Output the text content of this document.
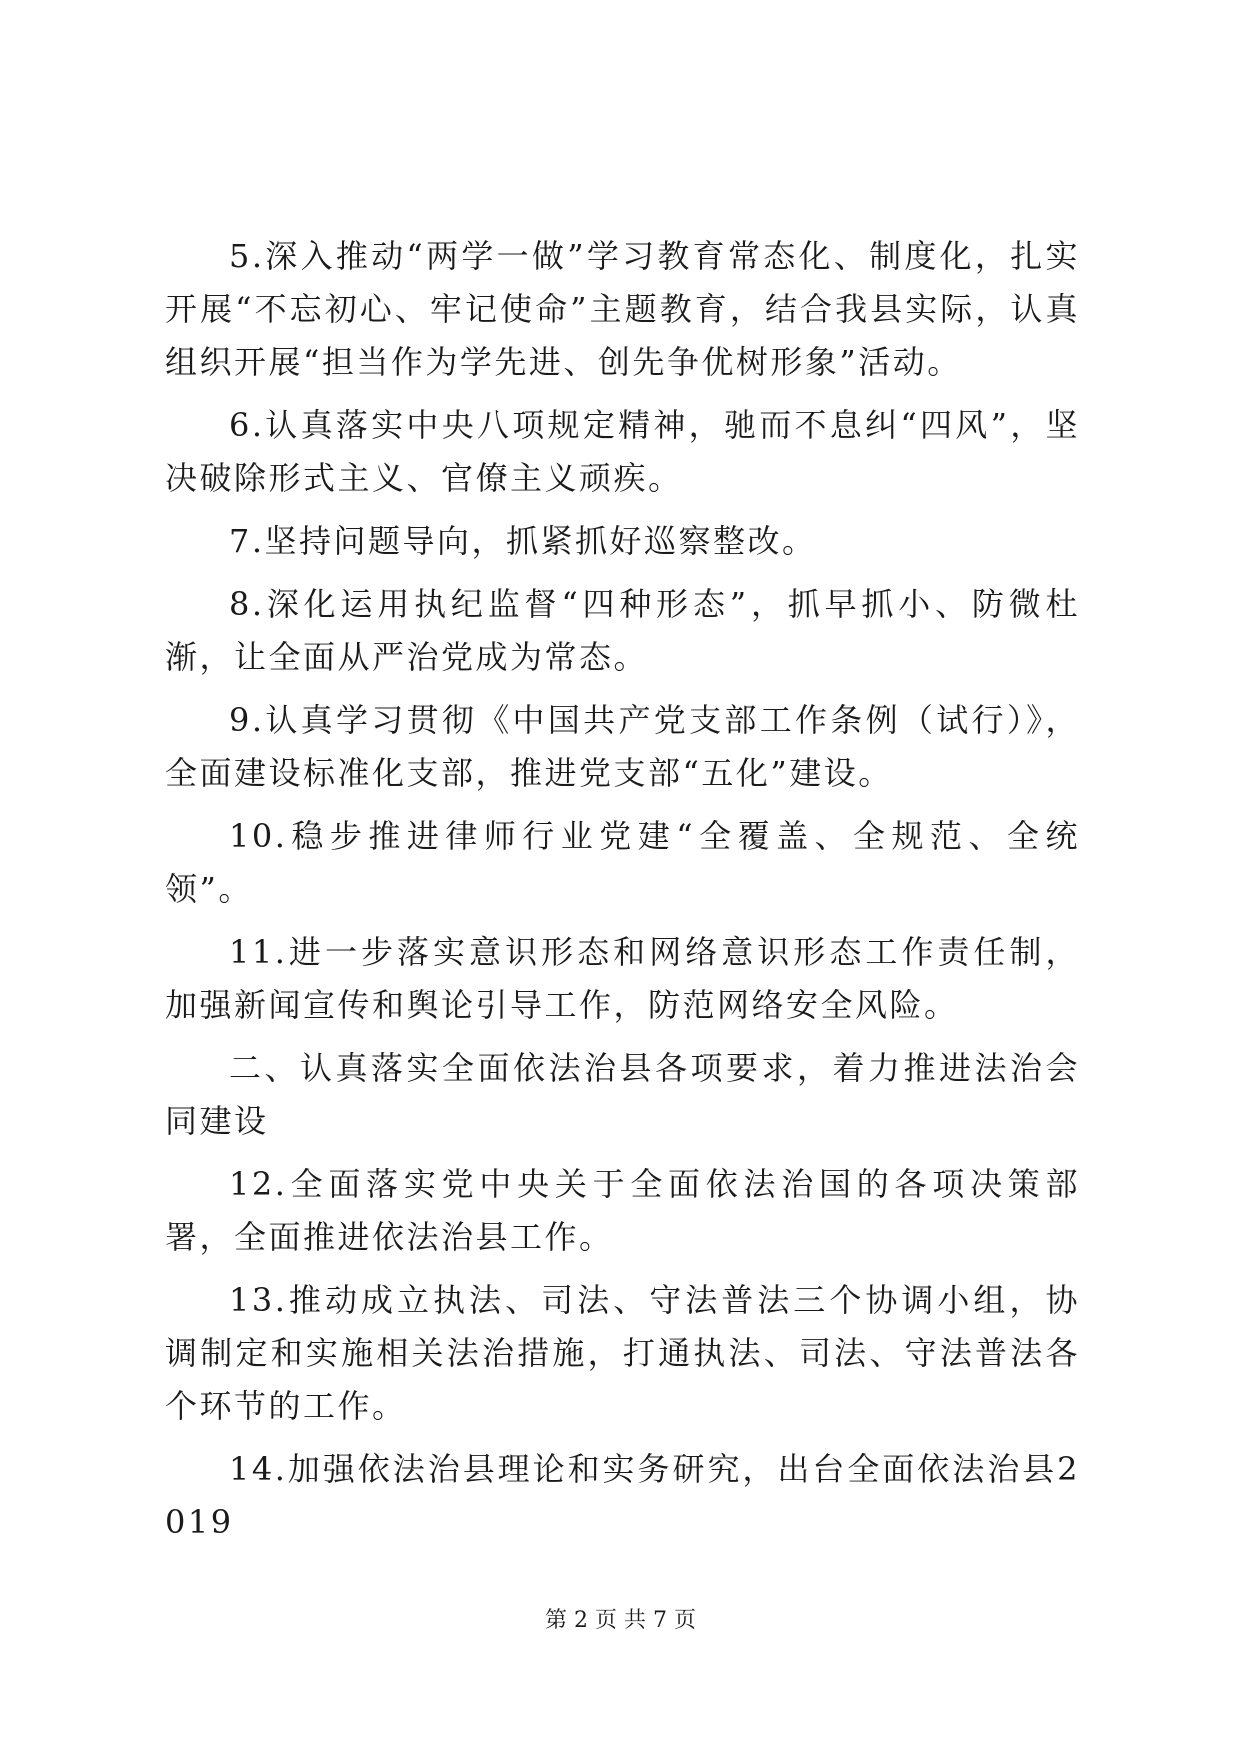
5.深入推动“两学一做”学习教育常态化、制度化，扎实开展“不忘初心、牢记使命”主题教育，结合我县实际，认真组织开展“担当作为学先进、创先争优树形象”活动。

6.认真落实中央八项规定精神，驰而不息纠“四风”，坚决破除形式主义、官僚主义顽疾。

7.坚持问题导向，抓紧抓好巡察整改。

8.深化运用执纪监督“四种形态”，抓早抓小、防微杜渐，让全面从严治党成为常态。

9.认真学习贯彻《中国共产党支部工作条例（试行）》，全面建设标准化支部，推进党支部“五化”建设。

10.稳步推进律师行业党建“全覆盖、全规范、全统领”。

11.进一步落实意识形态和网络意识形态工作责任制，加强新闻宣传和舆论引导工作，防范网络安全风险。

二、认真落实全面依法治县各项要求，着力推进法治会同建设

12.全面落实党中央关于全面依法治国的各项决策部署，全面推进依法治县工作。

13.推动成立执法、司法、守法普法三个协调小组，协调制定和实施相关法治措施，打通执法、司法、守法普法各个环节的工作。

14.加强依法治县理论和实务研究，出台全面依法治县2019

第 2 页 共 7 页
